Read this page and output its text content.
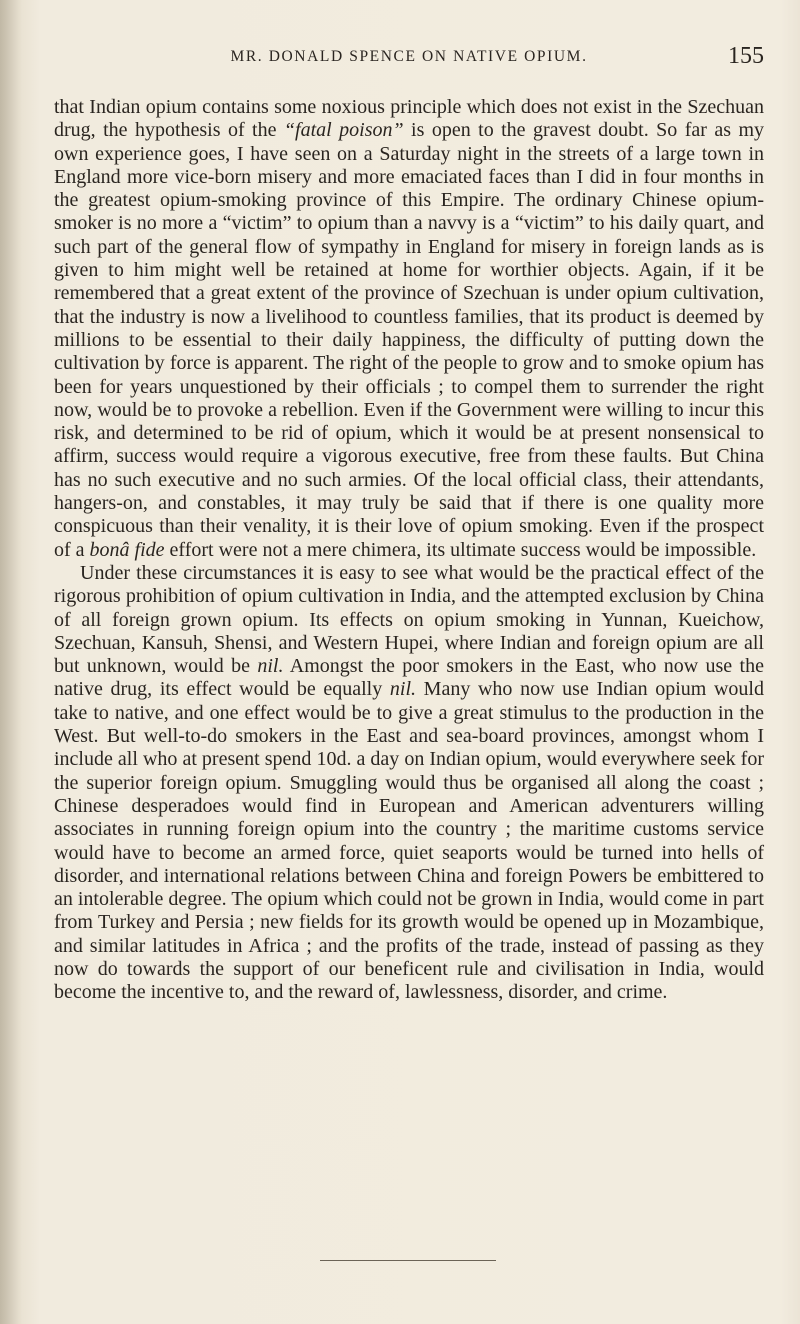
MR. DONALD SPENCE ON NATIVE OPIUM.	155

that Indian opium contains some noxious principle which does not exist in the Szechuan drug, the hypothesis of the “fatal poison” is open to the gravest doubt. So far as my own experience goes, I have seen on a Saturday night in the streets of a large town in England more vice-born misery and more emaciated faces than I did in four months in the greatest opium-smoking province of this Empire. The ordinary Chinese opium-smoker is no more a “victim” to opium than a navvy is a “victim” to his daily quart, and such part of the general flow of sympathy in England for misery in foreign lands as is given to him might well be retained at home for worthier objects. Again, if it be remembered that a great extent of the province of Szechuan is under opium cultivation, that the industry is now a livelihood to countless families, that its product is deemed by millions to be essential to their daily happiness, the difficulty of putting down the cultivation by force is apparent. The right of the people to grow and to smoke opium has been for years unquestioned by their officials ; to compel them to surrender the right now, would be to provoke a rebellion. Even if the Government were willing to incur this risk, and determined to be rid of opium, which it would be at present nonsensical to affirm, success would require a vigorous executive, free from these faults. But China has no such executive and no such armies. Of the local official class, their attendants, hangers-on, and constables, it may truly be said that if there is one quality more conspicuous than their venality, it is their love of opium smoking. Even if the prospect of a bonâ fide effort were not a mere chimera, its ultimate success would be impossible.

Under these circumstances it is easy to see what would be the practical effect of the rigorous prohibition of opium cultivation in India, and the attempted exclusion by China of all foreign grown opium. Its effects on opium smoking in Yunnan, Kueichow, Szechuan, Kansuh, Shensi, and Western Hupei, where Indian and foreign opium are all but unknown, would be nil. Amongst the poor smokers in the East, who now use the native drug, its effect would be equally nil. Many who now use Indian opium would take to native, and one effect would be to give a great stimulus to the production in the West. But well-to-do smokers in the East and sea-board provinces, amongst whom I include all who at present spend 10d. a day on Indian opium, would everywhere seek for the superior foreign opium. Smuggling would thus be organised all along the coast ; Chinese desperadoes would find in European and American adventurers willing associates in running foreign opium into the country ; the maritime customs service would have to become an armed force, quiet seaports would be turned into hells of disorder, and international relations between China and foreign Powers be embittered to an intolerable degree. The opium which could not be grown in India, would come in part from Turkey and Persia ; new fields for its growth would be opened up in Mozambique, and similar latitudes in Africa ; and the profits of the trade, instead of passing as they now do towards the support of our beneficent rule and civilisation in India, would become the incentive to, and the reward of, lawlessness, disorder, and crime.
